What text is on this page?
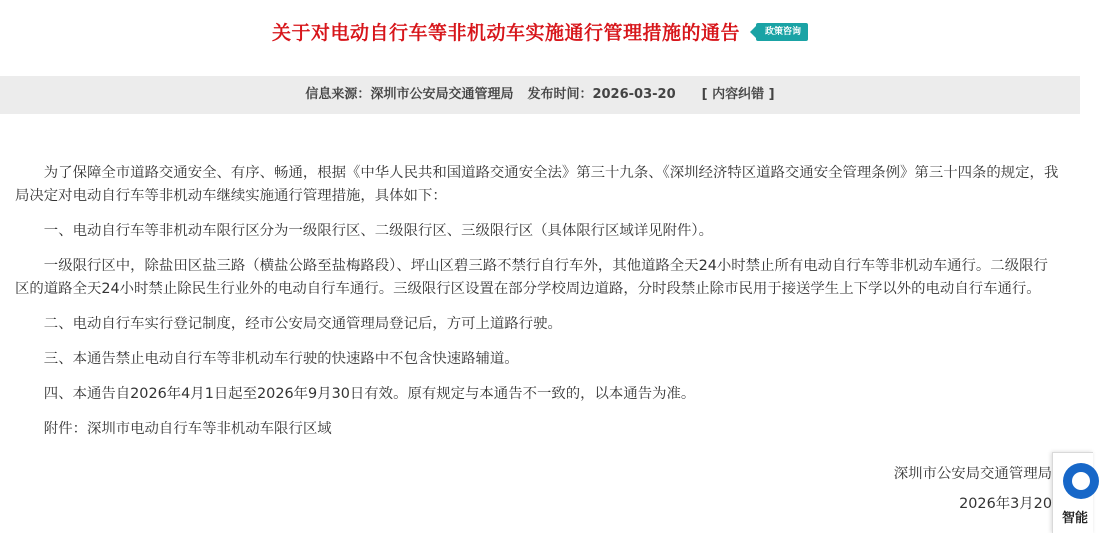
关于对电动自行车等非机动车实施通行管理措施的通告	政策咨询
信息来源：深圳市公安局交通管理局 发布时间：2026-03-20 [ 内容纠错 ]

为了保障全市道路交通安全、有序、畅通，根据《中华人民共和国道路交通安全法》第三十九条、《深圳经济特区道路交通安全管理条例》第三十四条的规定，我局决定对电动自行车等非机动车继续实施通行管理措施，具体如下：

一、电动自行车等非机动车限行区分为一级限行区、二级限行区、三级限行区（具体限行区域详见附件）。

一级限行区中，除盐田区盐三路（横盐公路至盐梅路段）、坪山区碧三路不禁行自行车外，其他道路全天24小时禁止所有电动自行车等非机动车通行。二级限行区的道路全天24小时禁止除民生行业外的电动自行车通行。三级限行区设置在部分学校周边道路，分时段禁止除市民用于接送学生上下学以外的电动自行车通行。

二、电动自行车实行登记制度，经市公安局交通管理局登记后，方可上道路行驶。

三、本通告禁止电动自行车等非机动车行驶的快速路中不包含快速路辅道。

四、本通告自2026年4月1日起至2026年9月30日有效。原有规定与本通告不一致的，以本通告为准。

附件：深圳市电动自行车等非机动车限行区域

深圳市公安局交通管理局
2026年3月20
智能
